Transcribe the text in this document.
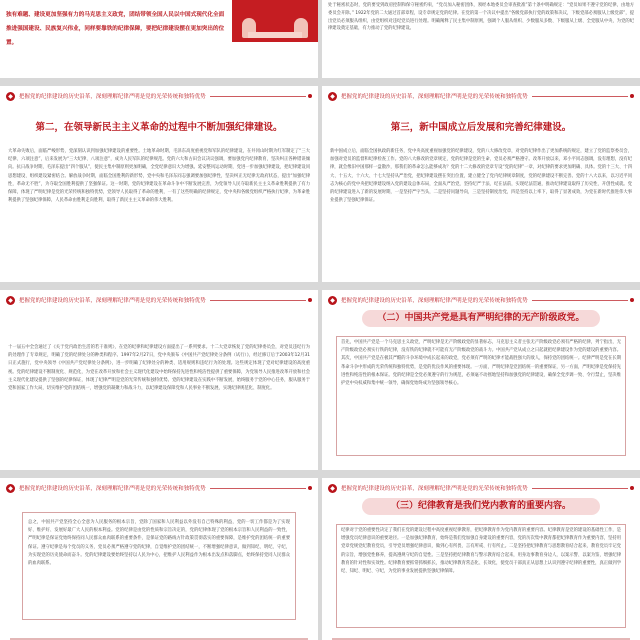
独有难题、建设更加坚强有力的马克思主义政党，团结带领全国人民以中国式现代化全面推进强国建设、民族复兴伟业，同样要靠铁的纪律保障，要把纪律建设摆在更加突出的位置。
处于秘密状态时，党的要受到政府控制和保守秘密约束，“党员加入秘密团体，须经本地委员会审查批准”第十条中明确规定：“党员如果不遵守党的纪律，由地方委员会开除。” 1922年党的二大通过首部章程，设专章规定党的纪律。在党的第一个决议中提出“各级党部执行党的政策和决议，下级党部必须服从上级党部”，提出党员必须服从组织，由党组织对违纪党员进行处理。明确阐释了民主集中制原则，强调个人服从组织、少数服从多数、下级服从上级、全党服从中央，为党的纪律建设奠定基础，有力推动了党的纪律建设。
◆	把握党的纪律建设的历史沿革，深刻理解纪律严明是党的光荣传统和独特优势
第二，在领导新民主主义革命的过程中不断加强纪律建设。
大革命失败后，面临严峻形势，党深刻认识到加强纪律建设的重要性。土地革命时期，毛泽东高度重视党和军队的纪律建设，在井冈山时期为红军制定了“三大纪律、六项注意”，后来发展为“三大纪律、八项注意”，成为人民军队的纪律规范。党的六大和古田会议决议强调，要加强党内纪律教育，坚决纠正各种错误倾向。抗日战争时期，毛泽东提出“四个服从”，使民主集中制原则更加明确，全党纪律意识大为增强。延安整风运动时期，党进一步加强纪律建设，把纪律建设同思想建设、组织建设紧密结合。解放战争时期，面临全国胜利的新形势，党中央和毛泽东同志强调要加强纪律性，坚决纠正无纪律无政府状态，提出“加强纪律性，革命无不胜”，为夺取全国胜利提供了坚强保证。这一时期，党的纪律建设在革命斗争中不断发展完善，为党领导人民夺取新民主主义革命胜利提供了有力保障，体现了严明纪律是党的光荣传统和独特优势，党领导人民取得了革命的胜利，一有了这些明确的纪律规定，党中央和各级党组织严格执行纪律，为革命胜利提供了坚强纪律保障，人民革命由胜利走向胜利，取得了新民主主义革命的伟大胜利。
◆	把握党的纪律建设的历史沿革，深刻理解纪律严明是党的光荣传统和独特优势
第三，新中国成立后发展和完善纪律建设。
新中国成立后，面临全国执政的新任务，党中央高度重视加强党的纪律建设，党的八大修改党章，对党的纪律作出了更加系统的规定，建立了党的监察委员会，加强对党员的监督和纪律检查工作。党的八大修改的党章规定，党的纪律是党的生命，党员必须严格遵守。改革开放以来，邓小平同志强调，没有理想，没有纪律，就会像旧中国那样一盘散沙，那我们的革命怎么能够成功？党的十二大修改的党章专设“党的纪律”一章，对纪律的要求更加明确、具体。党的十三大、十四大、十五大、十六大、十七大坚持从严治党，把纪律建设摆在突出位置，建立健全了党内纪律规章制度，党的纪律建设不断完善。党的十八大以来，以习近平同志为核心的党中央把纪律建设纳入党的建设总体布局，全面从严治党，坚持纪严于法、纪在法前，实现纪法贯通，推动纪律建设取得了历史性、开创性成就。党的纪律建设进入了新的发展时期，一是坚持严字当头，二是坚持问题导向，三是坚持制度治党，四是坚持以上率下，取得了显著成效，为党在新时代推进伟大事业提供了坚强纪律保证。
◆	把握党的纪律建设的历史沿革，深刻理解纪律严明是党的光荣传统和独特优势
十一届五中全会通过了《关于党内政治生活的若干准则》，在党的纪律和纪律建设方面提出了一系列要求。十二大党章恢复了党的纪律委员会，对党员违纪行为的处理作了专章规定，明确了党的纪律处分的种类和程序。1997年2月27日，党中央颁布《中国共产党纪律处分条例（试行）》，经过修订后于2003年12月31日正式施行，党中央领导《中国共产党纪律处分条例》，进一步明确了纪律处分的种类、适用规则和违纪行为的处理。这些规定体现了党对纪律建设的高度重视。党的纪律建设不断制度化、规范化，为党在改革开放和社会主义现代化建设中始终保持先进性和纯洁性提供了重要保障，为党领导人民推进改革开放和社会主义现代化建设提供了坚强的纪律保证，体现了纪律严明是党的光荣传统和独特优势。党的纪律建设在实践中不断发展，始终服务于党的中心任务，服从服务于党和国家工作大局，切实维护党的团结统一，增强党的凝聚力和战斗力，以纪律建设保障党和人民事业不断发展，实现纪律规范化、制度化。
◆	把握党的纪律建设的历史沿革，深刻理解纪律严明是党的光荣传统和独特优势
（二）中国共产党是具有严明纪律的无产阶级政党。
首先，中国共产党是一个马克思主义政党，严明纪律是无产阶级政党的显著标志，马克思主义者主张无产阶级政党必须有严格的纪律，列宁指出，无产阶级政党必须实行铁的纪律，没有铁的纪律就不可能有无产阶级政党的战斗力。中国共产党从成立之日起就把纪律建设作为党的建设的重要内容。其次，中国共产党是在极其严酷的斗争环境中成长起来的政党，党必须有严明的纪律才能战胜强大的敌人，保持党的团结统一。纪律严明是党在长期革命斗争中形成的光荣传统和独特优势，是党的优良作风的重要体现。一方面，严明纪律是党团结统一的重要保证，另一方面，严明纪律是党保持先进性和纯洁性的根本保证。党的纪律是全党必须遵守的行为规范，必须毫不动摇地坚持和加强党的纪律建设，确保全党步调一致、令行禁止，坚决维护党中央权威和集中统一领导，确保党始终成为坚强领导核心。
◆	把握党的纪律建设的历史沿革，深刻理解纪律严明是党的光荣传统和独特优势
总之，中国共产党坚持全心全意为人民服务的根本宗旨，党除了国家和人民利益以外没有自己特殊的利益，党的一切工作都是为了实现好、维护好、发展好最广大人民的根本利益。党的纪律是由党的性质和宗旨决定的，党的纪律体现了党的根本宗旨和人民利益的一致性，严明纪律是保证党始终保持同人民群众血肉联系的重要条件，是保证党的路线方针政策贯彻落实的重要保障，是维护党的团结统一的重要保证。遵守纪律是每个党员的义务，党员必须严格遵守党的纪律，自觉维护党的团结统一，不断增强纪律意识，做到知纪、明纪、守纪，为实现党的历史使命而奋斗。党的纪律建设要始终坚持以人民为中心，把维护人民利益作为根本出发点和落脚点，始终保持党同人民群众的血肉联系。
◆	把握党的纪律建设的历史沿革，深刻理解纪律严明是党的光荣传统和独特优势
（三）纪律教育是我们党内教育的重要内容。
纪律对于党的重要性决定了我们在党的建设过程中高度重视纪律教育，把纪律教育作为党内教育的重要内容。纪律教育是党的建设的基础性工作，是增强党员纪律意识的重要途径。一是加强纪律教育，始终是我们党加强自身建设的重要内容，党的历次集中教育都把纪律教育作为重要内容，坚持用党章党规党纪教育党员，引导党员增强纪律意识，做到心有所畏、言有所戒、行有所止。二是坚持把纪律教育与思想教育结合起来，教育党员牢记党的宗旨，增强党性修养，提高遵规守纪的自觉性。三是坚持把纪律教育与警示教育结合起来，用身边事教育身边人，以案示警、以案为鉴，增强纪律教育的针对性和实效性。纪律教育要抓常抓细抓长，推动纪律教育常态化、长效化，使党员干部真正从思想上认识到遵守纪律的重要性，真正做到学纪、知纪、明纪、守纪，为党的事业发展提供坚强纪律保障。
